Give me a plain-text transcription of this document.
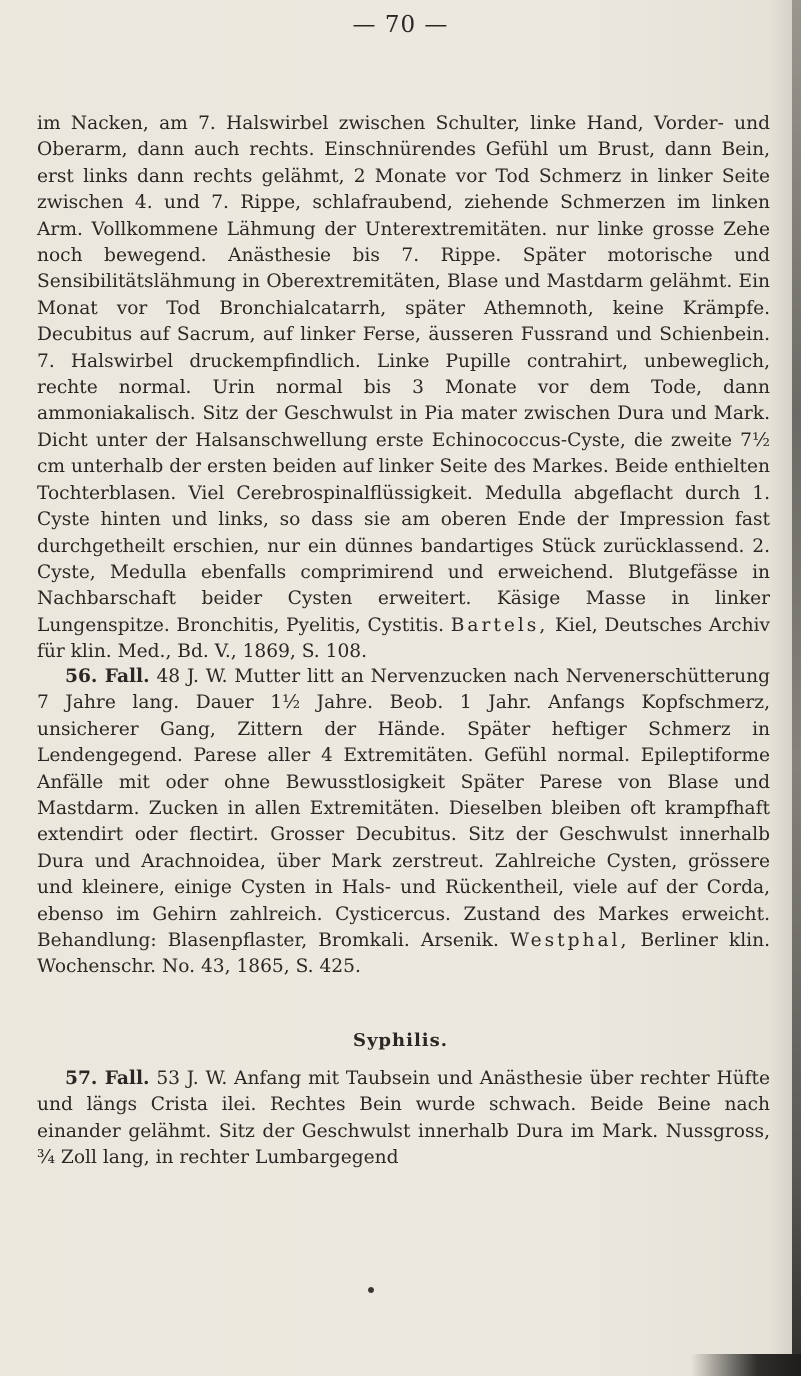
— 70 —

im Nacken, am 7. Halswirbel zwischen Schulter, linke Hand, Vorder- und Oberarm, dann auch rechts. Einschnürendes Gefühl um Brust, dann Bein, erst links dann rechts gelähmt, 2 Monate vor Tod Schmerz in linker Seite zwischen 4. und 7. Rippe, schlafraubend, ziehende Schmerzen im linken Arm. Vollkommene Lähmung der Unterextremitäten. nur linke grosse Zehe noch bewegend. Anästhesie bis 7. Rippe. Später motorische und Sensibilitätslähmung in Oberextremitäten, Blase und Mastdarm gelähmt. Ein Monat vor Tod Bronchialcatarrh, später Athemnoth, keine Krämpfe. Decubitus auf Sacrum, auf linker Ferse, äusseren Fussrand und Schienbein. 7. Halswirbel druckempfindlich. Linke Pupille contrahirt, unbeweglich, rechte normal. Urin normal bis 3 Monate vor dem Tode, dann ammoniakalisch. Sitz der Geschwulst in Pia mater zwischen Dura und Mark. Dicht unter der Halsanschwellung erste Echinococcus-Cyste, die zweite 7½ cm unterhalb der ersten beiden auf linker Seite des Markes. Beide enthielten Tochterblasen. Viel Cerebrospinalflüssigkeit. Medulla abgeflacht durch 1. Cyste hinten und links, so dass sie am oberen Ende der Impression fast durchgetheilt erschien, nur ein dünnes bandartiges Stück zurücklassend. 2. Cyste, Medulla ebenfalls comprimirend und erweichend. Blutgefässe in Nachbarschaft beider Cysten erweitert. Käsige Masse in linker Lungenspitze. Bronchitis, Pyelitis, Cystitis. Bartels, Kiel, Deutsches Archiv für klin. Med., Bd. V., 1869, S. 108.

56. Fall. 48 J. W. Mutter litt an Nervenzucken nach Nervenerschütterung 7 Jahre lang. Dauer 1½ Jahre. Beob. 1 Jahr. Anfangs Kopfschmerz, unsicherer Gang, Zittern der Hände. Später heftiger Schmerz in Lendengegend. Parese aller 4 Extremitäten. Gefühl normal. Epileptiforme Anfälle mit oder ohne Bewusstlosigkeit Später Parese von Blase und Mastdarm. Zucken in allen Extremitäten. Dieselben bleiben oft krampfhaft extendirt oder flectirt. Grosser Decubitus. Sitz der Geschwulst innerhalb Dura und Arachnoidea, über Mark zerstreut. Zahlreiche Cysten, grössere und kleinere, einige Cysten in Hals- und Rückentheil, viele auf der Corda, ebenso im Gehirn zahlreich. Cysticercus. Zustand des Markes erweicht. Behandlung: Blasenpflaster, Bromkali. Arsenik. Westphal, Berliner klin. Wochenschr. No. 43, 1865, S. 425.

Syphilis.

57. Fall. 53 J. W. Anfang mit Taubsein und Anästhesie über rechter Hüfte und längs Crista ilei. Rechtes Bein wurde schwach. Beide Beine nach einander gelähmt. Sitz der Geschwulst innerhalb Dura im Mark. Nussgross, ¾ Zoll lang, in rechter Lumbargegend
